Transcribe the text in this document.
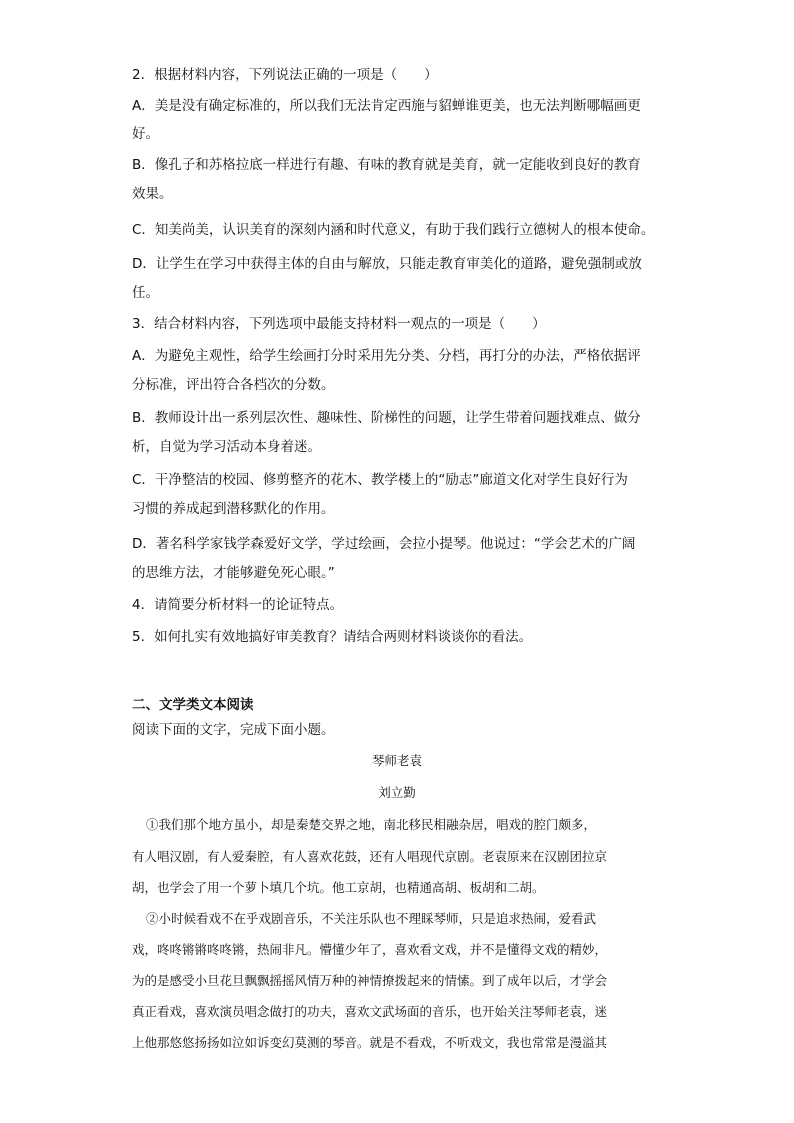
2．根据材料内容，下列说法正确的一项是（　　）
A．美是没有确定标准的，所以我们无法肯定西施与貂蝉谁更美，也无法判断哪幅画更
好。
B．像孔子和苏格拉底一样进行有趣、有味的教育就是美育，就一定能收到良好的教育
效果。
C．知美尚美，认识美育的深刻内涵和时代意义，有助于我们践行立德树人的根本使命。
D．让学生在学习中获得主体的自由与解放，只能走教育审美化的道路，避免强制或放
任。
3．结合材料内容，下列选项中最能支持材料一观点的一项是（　　）
A．为避免主观性，给学生绘画打分时采用先分类、分档，再打分的办法，严格依据评
分标准，评出符合各档次的分数。
B．教师设计出一系列层次性、趣味性、阶梯性的问题，让学生带着问题找难点、做分
析，自觉为学习活动本身着迷。
C．干净整洁的校园、修剪整齐的花木、教学楼上的“励志”廊道文化对学生良好行为
习惯的养成起到潜移默化的作用。
D．著名科学家钱学森爱好文学，学过绘画，会拉小提琴。他说过：“学会艺术的广阔
的思维方法，才能够避免死心眼。”
4．请简要分析材料一的论证特点。
5．如何扎实有效地搞好审美教育？请结合两则材料谈谈你的看法。
二、文学类文本阅读
阅读下面的文字，完成下面小题。
琴师老袁
刘立勤
①我们那个地方虽小，却是秦楚交界之地，南北移民相融杂居，唱戏的腔门颇多，
有人唱汉剧，有人爱秦腔，有人喜欢花鼓，还有人唱现代京剧。老袁原来在汉剧团拉京
胡，也学会了用一个萝卜填几个坑。他工京胡，也精通高胡、板胡和二胡。
②小时候看戏不在乎戏剧音乐，不关注乐队也不理睬琴师，只是追求热闹，爱看武
戏，咚咚锵锵咚咚锵，热闹非凡。懵懂少年了，喜欢看文戏，并不是懂得文戏的精妙，
为的是感受小旦花旦飘飘摇摇风情万种的神情撩拨起来的情愫。到了成年以后，才学会
真正看戏，喜欢演员唱念做打的功夫，喜欢文武场面的音乐，也开始关注琴师老袁，迷
上他那悠悠扬扬如泣如诉变幻莫测的琴音。就是不看戏，不听戏文，我也常常是漫溢其
